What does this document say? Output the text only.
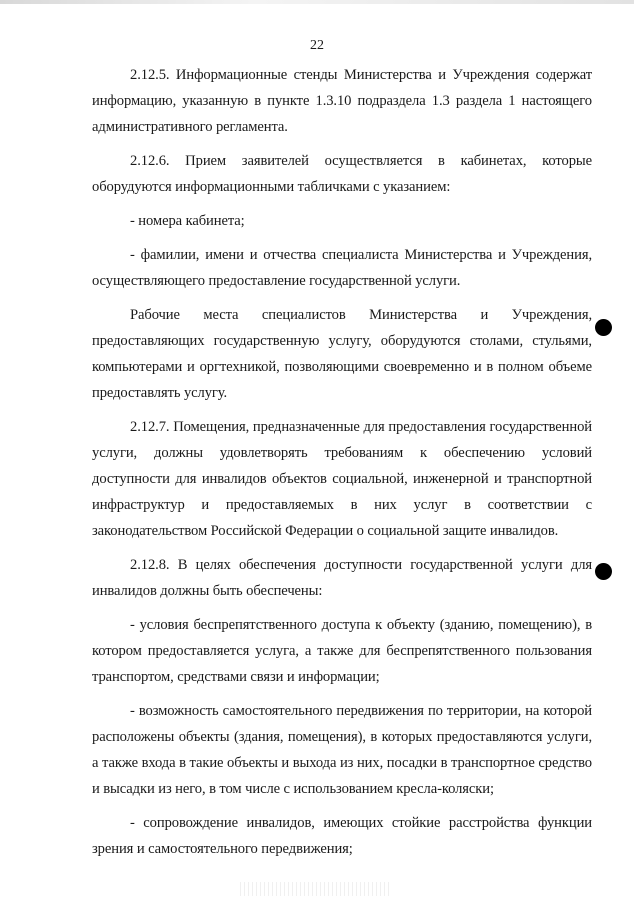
22

2.12.5. Информационные стенды Министерства и Учреждения содержат информацию, указанную в пункте 1.3.10 подраздела 1.3 раздела 1 настоящего административного регламента.

2.12.6. Прием заявителей осуществляется в кабинетах, которые оборудуются информационными табличками с указанием:

- номера кабинета;

- фамилии, имени и отчества специалиста Министерства и Учреждения, осуществляющего предоставление государственной услуги.

Рабочие места специалистов Министерства и Учреждения, предоставляющих государственную услугу, оборудуются столами, стульями, компьютерами и оргтехникой, позволяющими своевременно и в полном объеме предоставлять услугу.

2.12.7. Помещения, предназначенные для предоставления государственной услуги, должны удовлетворять требованиям к обеспечению условий доступности для инвалидов объектов социальной, инженерной и транспортной инфраструктур и предоставляемых в них услуг в соответствии с законодательством Российской Федерации о социальной защите инвалидов.

2.12.8. В целях обеспечения доступности государственной услуги для инвалидов должны быть обеспечены:

- условия беспрепятственного доступа к объекту (зданию, помещению), в котором предоставляется услуга, а также для беспрепятственного пользования транспортом, средствами связи и информации;

- возможность самостоятельного передвижения по территории, на которой расположены объекты (здания, помещения), в которых предоставляются услуги, а также входа в такие объекты и выхода из них, посадки в транспортное средство и высадки из него, в том числе с использованием кресла-коляски;

- сопровождение инвалидов, имеющих стойкие расстройства функции зрения и самостоятельного передвижения;
